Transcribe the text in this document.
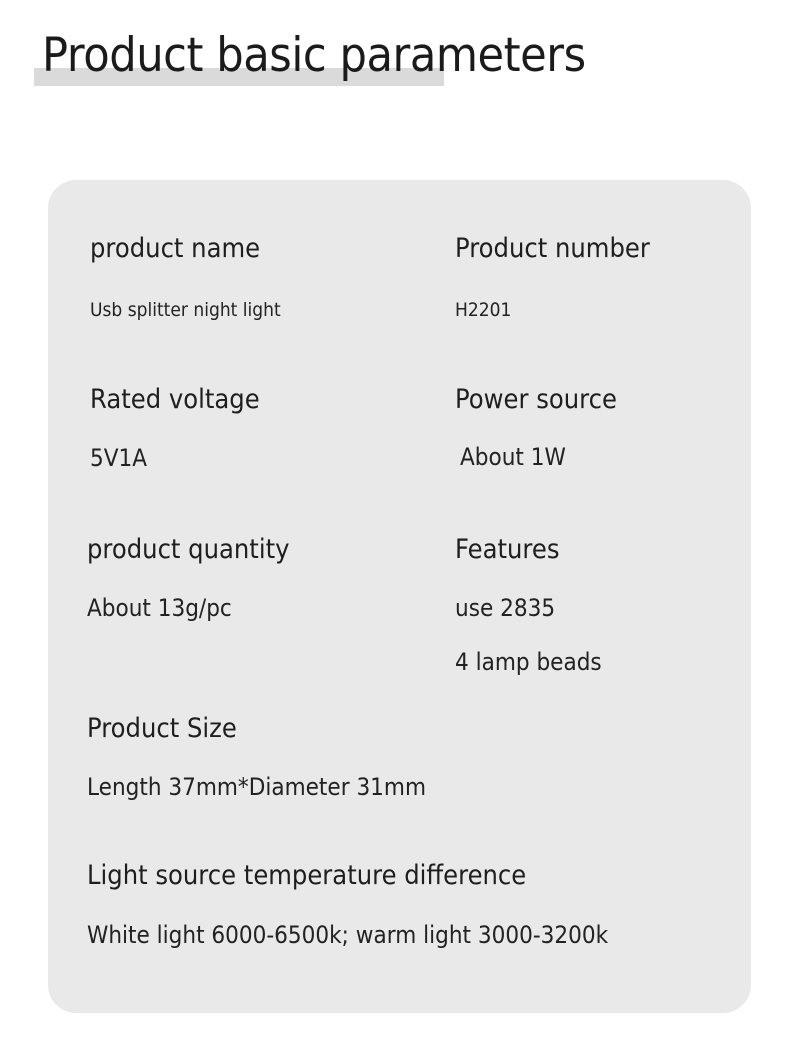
Product basic parameters
product name
Usb splitter night light
Product number
H2201
Rated voltage
5V1A
Power source
About 1W
product quantity
About 13g/pc
Features
use 2835
4 lamp beads
Product Size
Length 37mm*Diameter 31mm
Light source temperature difference
White light 6000-6500k; warm light 3000-3200k
